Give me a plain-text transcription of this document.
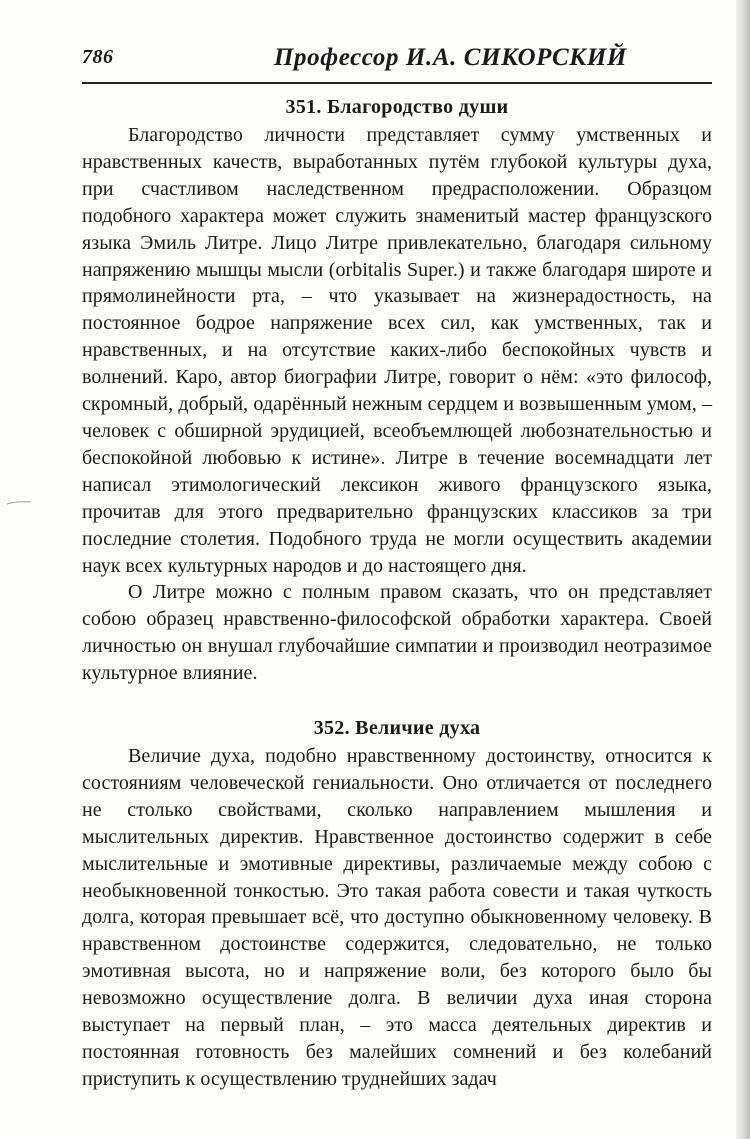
786	Профессор И.А. СИКОРСКИЙ
351. Благородство души

Благородство личности представляет сумму умственных и нравственных качеств, выработанных путём глубокой культуры духа, при счастливом наследственном предрасположении. Образцом подобного характера может служить знаменитый мастер французского языка Эмиль Литре. Лицо Литре привлекательно, благодаря сильному напряжению мышцы мысли (orbitalis Super.) и также благодаря широте и прямолинейности рта, – что указывает на жизнерадостность, на постоянное бодрое напряжение всех сил, как умственных, так и нравственных, и на отсутствие каких-либо беспокойных чувств и волнений. Каро, автор биографии Литре, говорит о нём: «это философ, скромный, добрый, одарённый нежным сердцем и возвышенным умом, – человек с обширной эрудицией, всеобъемлющей любознательностью и беспокойной любовью к истине». Литре в течение восемнадцати лет написал этимологический лексикон живого французского языка, прочитав для этого предварительно французских классиков за три последние столетия. Подобного труда не могли осуществить академии наук всех культурных народов и до настоящего дня.

О Литре можно с полным правом сказать, что он представляет собою образец нравственно-философской обработки характера. Своей личностью он внушал глубочайшие симпатии и производил неотразимое культурное влияние.

352. Величие духа

Величие духа, подобно нравственному достоинству, относится к состояниям человеческой гениальности. Оно отличается от последнего не столько свойствами, сколько направлением мышления и мыслительных директив. Нравственное достоинство содержит в себе мыслительные и эмотивные директивы, различаемые между собою с необыкновенной тонкостью. Это такая работа совести и такая чуткость долга, которая превышает всё, что доступно обыкновенному человеку. В нравственном достоинстве содержится, следовательно, не только эмотивная высота, но и напряжение воли, без которого было бы невозможно осуществление долга. В величии духа иная сторона выступает на первый план, – это масса деятельных директив и постоянная готовность без малейших сомнений и без колебаний приступить к осуществлению труднейших задач
